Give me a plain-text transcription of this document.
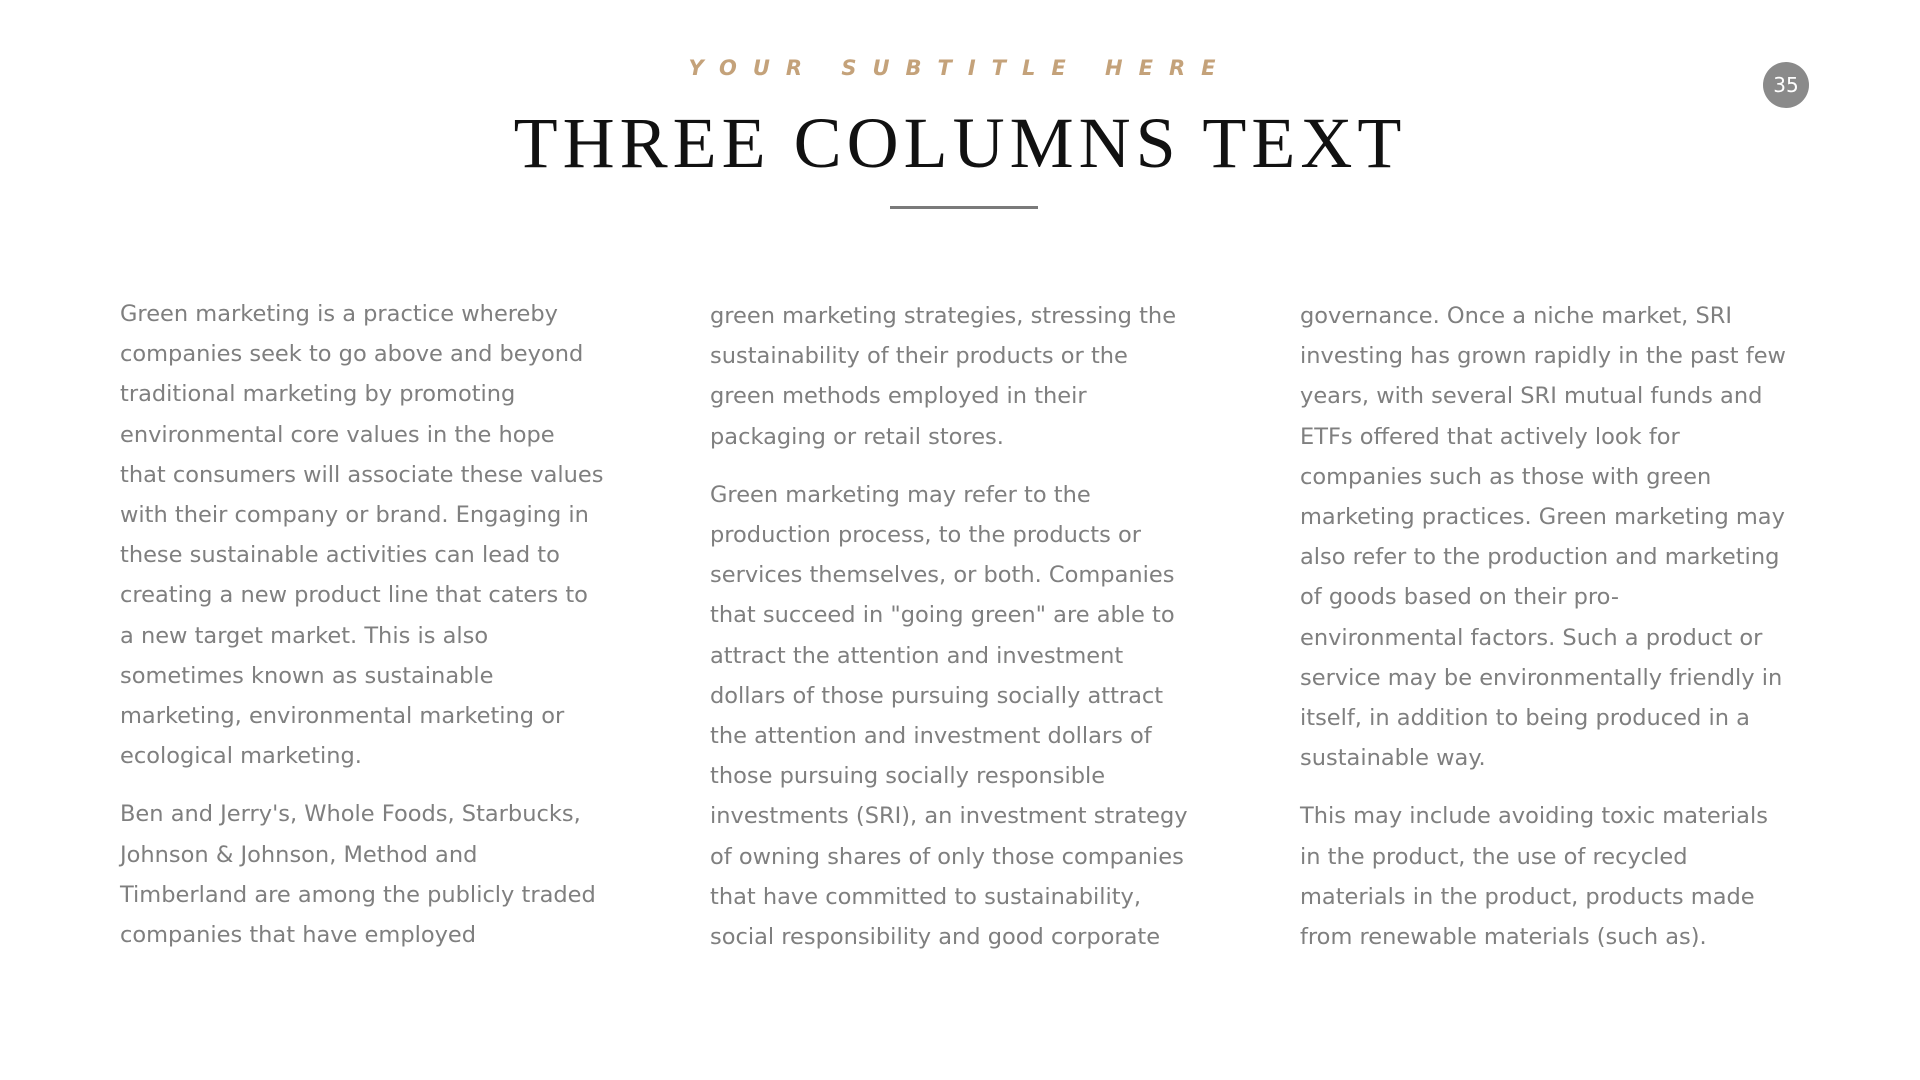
YOUR SUBTITLE HERE
THREE COLUMNS TEXT
35

Green marketing is a practice whereby
companies seek to go above and beyond
traditional marketing by promoting
environmental core values in the hope
that consumers will associate these values
with their company or brand. Engaging in
these sustainable activities can lead to
creating a new product line that caters to
a new target market. This is also
sometimes known as sustainable
marketing, environmental marketing or
ecological marketing.

Ben and Jerry's, Whole Foods, Starbucks,
Johnson & Johnson, Method and
Timberland are among the publicly traded
companies that have employed

green marketing strategies, stressing the
sustainability of their products or the
green methods employed in their
packaging or retail stores.

Green marketing may refer to the
production process, to the products or
services themselves, or both. Companies
that succeed in "going green" are able to
attract the attention and investment
dollars of those pursuing socially attract
the attention and investment dollars of
those pursuing socially responsible
investments (SRI), an investment strategy
of owning shares of only those companies
that have committed to sustainability,
social responsibility and good corporate

governance. Once a niche market, SRI
investing has grown rapidly in the past few
years, with several SRI mutual funds and
ETFs offered that actively look for
companies such as those with green
marketing practices. Green marketing may
also refer to the production and marketing
of goods based on their pro-
environmental factors. Such a product or
service may be environmentally friendly in
itself, in addition to being produced in a
sustainable way.

This may include avoiding toxic materials
in the product, the use of recycled
materials in the product, products made
from renewable materials (such as).
